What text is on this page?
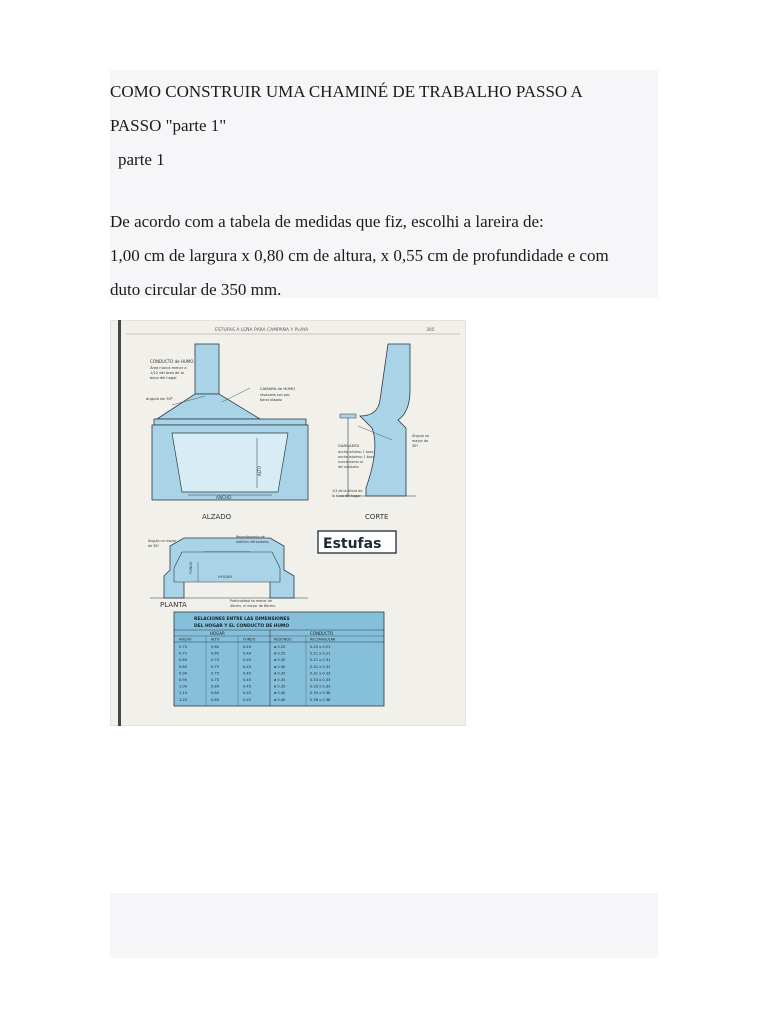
COMO CONSTRUIR UMA CHAMINÉ DE TRABALHO PASSO A
PASSO "parte 1"
parte 1
De acordo com a tabela de medidas que fiz, escolhi a lareira de:
1,00 cm de largura x 0,80 cm de altura, x 0,55 cm de profundidade e com
duto circular de 350 mm.
ESTUFAS A LEÑA PARA CAMPAÑA Y PLAYA	305
CONDUCTO de HUMO
Área nunca menor a
1/12 del área de la
boca del hogar
ángulo de 30º
CAMARA de HUMO
revocada con por-
tland alisado
ALTO
ANCHO
ALZADO
GARGANTA
ancho mínimo: 1 boca
ancho máximo: 1 boca
nunca menor al
del conducto
Ángulo no
mayor de
30º
1/3 de la altura de
la boca del hogar
CORTE
Estufas
Ángulo no mayor
de 30º
Revestimiento de
ladrillos refractarios
FONDO
HOGAR
PLANTA	Profundidad no menor de
40cms. ni mayor de 60cms.
RELACIONES ENTRE LAS DIMENSIONES
DEL HOGAR Y EL CONDUCTO DE HUMO
HOGAR	CONDUCTO
ANCHO	ALTO	FONDO	REDONDO	RECTANGULAR
0.70	0.60	0.40	ø 0.25	0.20 x 0.21
0.75	0.65	0.40	ø 0.25	0.21 x 0.21
0.80	0.70	0.40	ø 0.30	0.21 x 0.31
0.85	0.75	0.45	ø 0.30	0.31 x 0.31
0.90	0.75	0.45	ø 0.35	0.31 x 0.33
0.95	0.75	0.45	ø 0.35	0.33 x 0.33
1.00	0.80	0.45	ø 0.35	0.33 x 0.33
1.10	0.80	0.45	ø 0.40	0.35 x 0.38
1.20	0.85	0.45	ø 0.40	0.38 x 0.38
